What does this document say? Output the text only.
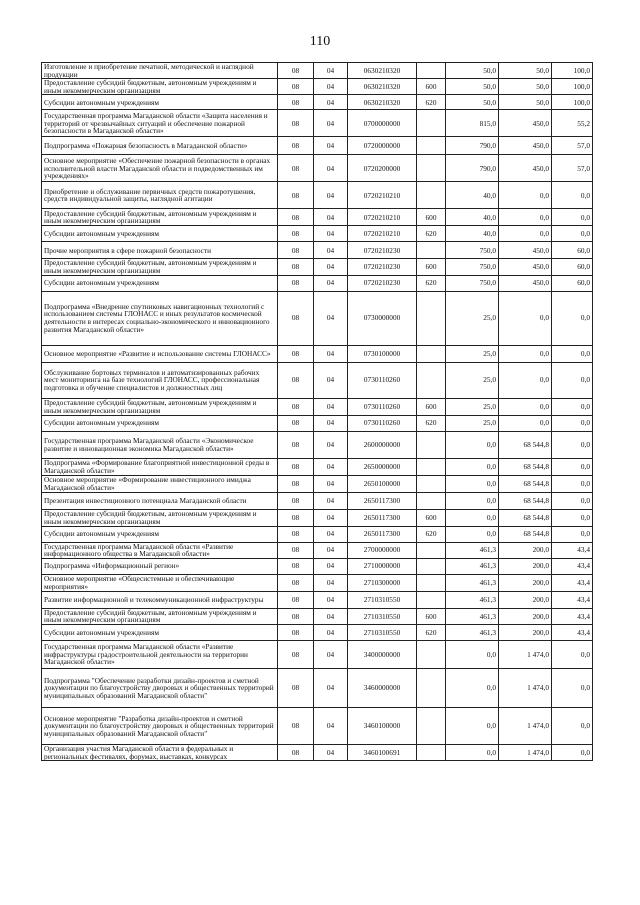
110
Изготовление и приобретение печатной, методической и наглядной продукции	08	04	0630210320		50,0	50,0	100,0
Предоставление субсидий бюджетным, автономным учреждениям и иным некоммерческим организациям	08	04	0630210320	600	50,0	50,0	100,0
Субсидии автономным учреждениям	08	04	0630210320	620	50,0	50,0	100,0
Государственная программа Магаданской области «Защита населения и территорий от чрезвычайных ситуаций и обеспечение пожарной безопасности в Магаданской области»	08	04	0700000000		815,0	450,0	55,2
Подпрограмма «Пожарная безопасность в Магаданской области»	08	04	0720000000		790,0	450,0	57,0
Основное мероприятие «Обеспечение пожарной безопасности в органах исполнительной власти Магаданской области и подведомственных им учреждениях»	08	04	0720200000		790,0	450,0	57,0
Приобретение и обслуживание первичных средств пожаротушения, средств индивидуальной защиты, наглядной агитации	08	04	0720210210		40,0	0,0	0,0
Предоставление субсидий бюджетным, автономным учреждениям и иным некоммерческим организациям	08	04	0720210210	600	40,0	0,0	0,0
Субсидии автономным учреждениям	08	04	0720210210	620	40,0	0,0	0,0
Прочие мероприятия в сфере пожарной безопасности	08	04	0720210230		750,0	450,0	60,0
Предоставление субсидий бюджетным, автономным учреждениям и иным некоммерческим организациям	08	04	0720210230	600	750,0	450,0	60,0
Субсидии автономным учреждениям	08	04	0720210230	620	750,0	450,0	60,0
Подпрограмма «Внедрение спутниковых навигационных технологий с использованием системы ГЛОНАСС и иных результатов космической деятельности в интересах социально-экономического и инновационного развития Магаданской области»	08	04	0730000000		25,0	0,0	0,0
Основное мероприятие «Развитие и использование системы ГЛОНАСС»	08	04	0730100000		25,0	0,0	0,0
Обслуживание бортовых терминалов и автоматизированных рабочих мест мониторинга на базе технологий ГЛОНАСС, профессиональная подготовка и обучение специалистов и должностных лиц	08	04	0730110260		25,0	0,0	0,0
Предоставление субсидий бюджетным, автономным учреждениям и иным некоммерческим организациям	08	04	0730110260	600	25,0	0,0	0,0
Субсидии автономным учреждениям	08	04	0730110260	620	25,0	0,0	0,0
Государственная программа Магаданской области «Экономическое развитие и инновационная экономика Магаданской области»	08	04	2600000000		0,0	68 544,8	0,0
Подпрограмма «Формирование благоприятной инвестиционной среды в Магаданской области»	08	04	2650000000		0,0	68 544,8	0,0
Основное мероприятие «Формирование инвестиционного имиджа Магаданской области»	08	04	2650100000		0,0	68 544,8	0,0
Презентация инвестиционного потенциала Магаданской области	08	04	2650117300		0,0	68 544,8	0,0
Предоставление субсидий бюджетным, автономным учреждениям и иным некоммерческим организациям	08	04	2650117300	600	0,0	68 544,8	0,0
Субсидии автономным учреждениям	08	04	2650117300	620	0,0	68 544,8	0,0
Государственная программа Магаданской области «Развитие информационного общества в Магаданской области»	08	04	2700000000		461,3	200,0	43,4
Подпрограмма «Информационный регион»	08	04	2710000000		461,3	200,0	43,4
Основное мероприятие «Общесистемные и обеспечивающие мероприятия»	08	04	2710300000		461,3	200,0	43,4
Развитие информационной и телекоммуникационной инфраструктуры	08	04	2710310550		461,3	200,0	43,4
Предоставление субсидий бюджетным, автономным учреждениям и иным некоммерческим организациям	08	04	2710310550	600	461,3	200,0	43,4
Субсидии автономным учреждениям	08	04	2710310550	620	461,3	200,0	43,4
Государственная программа Магаданской области «Развитие инфраструктуры градостроительной деятельности на территории Магаданской области»	08	04	3400000000		0,0	1 474,0	0,0
Подпрограмма "Обеспечение разработки дизайн-проектов и сметной документации по благоустройству дворовых и общественных территорий муниципальных образований Магаданской области"	08	04	3460000000		0,0	1 474,0	0,0
Основное мероприятие "Разработка дизайн-проектов и сметной документации по благоустройству дворовых и общественных территорий муниципальных образований Магаданской области"	08	04	3460100000		0,0	1 474,0	0,0
Организация участия Магаданской области в федеральных и региональных фестивалях, форумах, выставках, конкурсах	08	04	3460100691		0,0	1 474,0	0,0
